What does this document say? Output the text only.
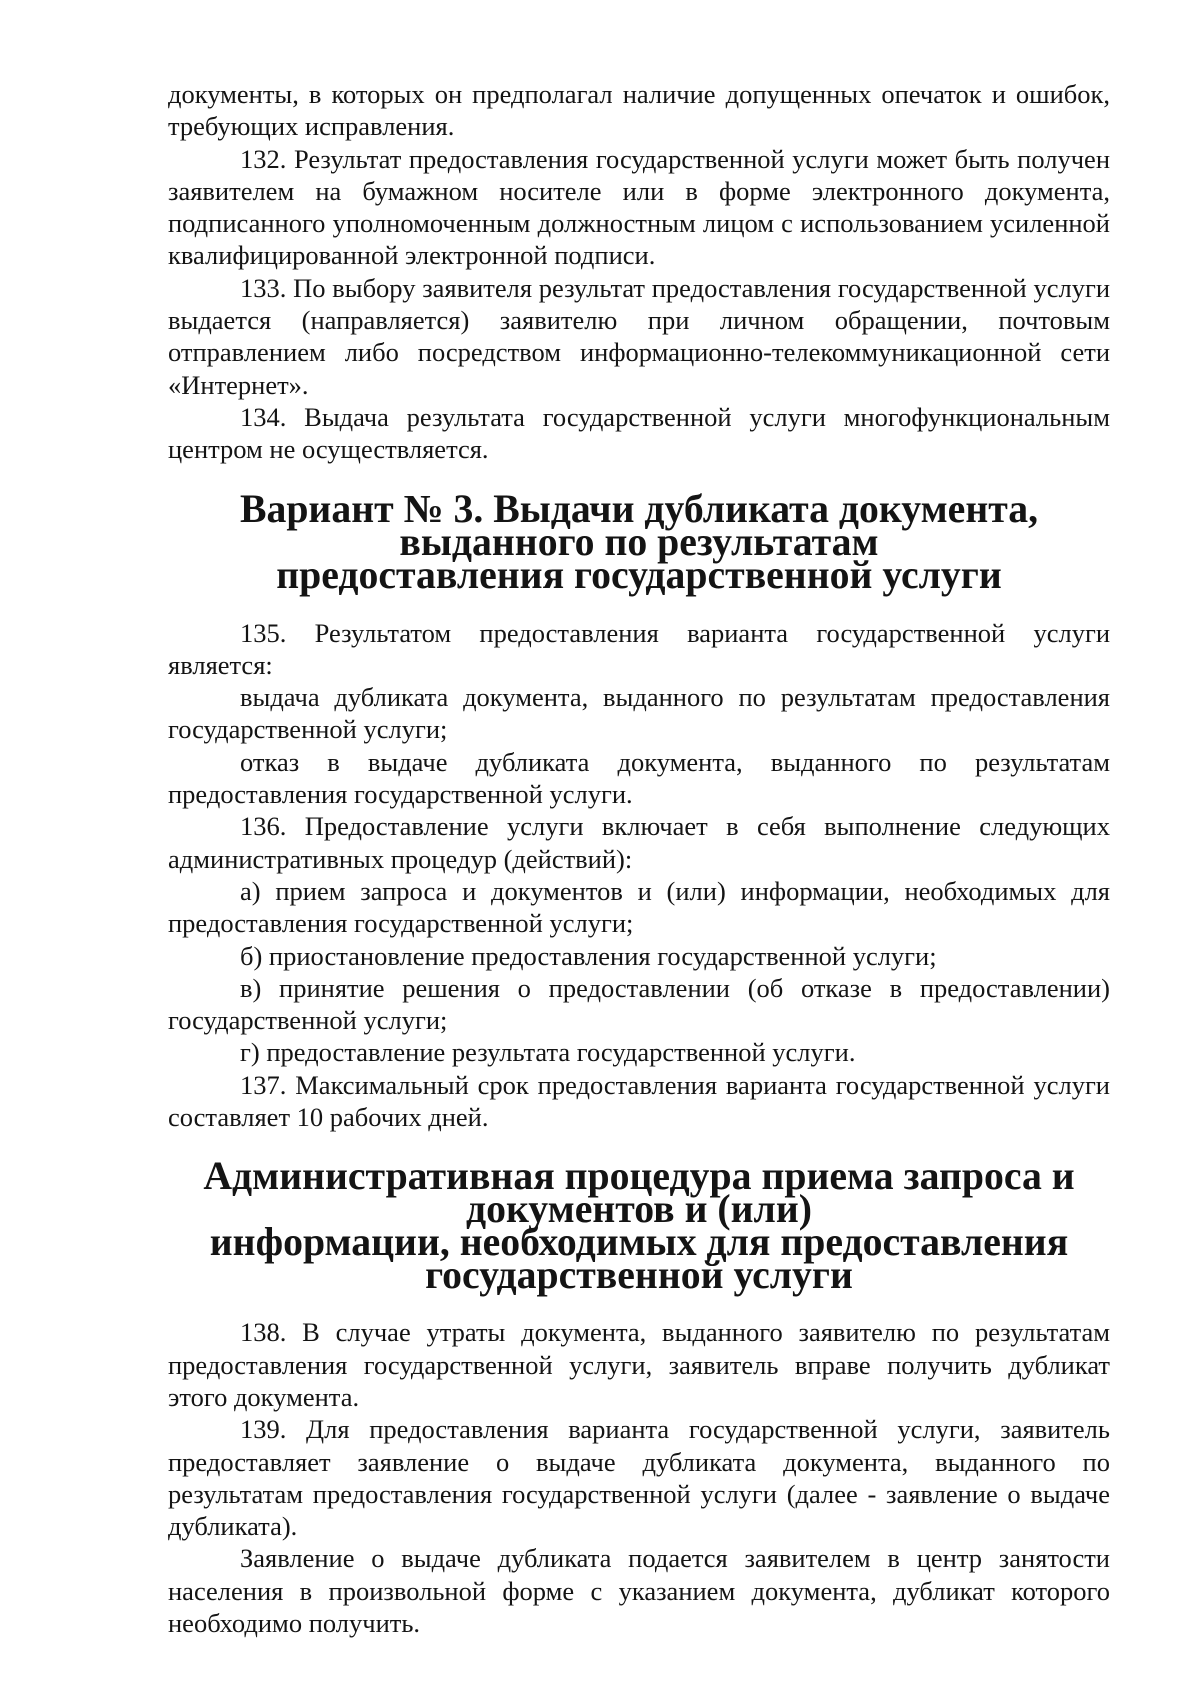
документы, в которых он предполагал наличие допущенных опечаток и ошибок, требующих исправления.

132. Результат предоставления государственной услуги может быть получен заявителем на бумажном носителе или в форме электронного документа, подписанного уполномоченным должностным лицом с использованием усиленной квалифицированной электронной подписи.

133. По выбору заявителя результат предоставления государственной услуги выдается (направляется) заявителю при личном обращении, почтовым отправлением либо посредством информационно-телекоммуникационной сети «Интернет».

134. Выдача результата государственной услуги многофункциональным центром не осуществляется.

Вариант № 3. Выдачи дубликата документа, выданного по результатам
предоставления государственной услуги

135. Результатом предоставления варианта государственной услуги является:

выдача дубликата документа, выданного по результатам предоставления государственной услуги;

отказ в выдаче дубликата документа, выданного по результатам предоставления государственной услуги.

136. Предоставление услуги включает в себя выполнение следующих административных процедур (действий):

а) прием запроса и документов и (или) информации, необходимых для предоставления государственной услуги;

б) приостановление предоставления государственной услуги;

в) принятие решения о предоставлении (об отказе в предоставлении) государственной услуги;

г) предоставление результата государственной услуги.

137. Максимальный срок предоставления варианта государственной услуги составляет 10 рабочих дней.

Административная процедура приема запроса и документов и (или)
информации, необходимых для предоставления государственной услуги

138. В случае утраты документа, выданного заявителю по результатам предоставления государственной услуги, заявитель вправе получить дубликат этого документа.

139. Для предоставления варианта государственной услуги, заявитель предоставляет заявление о выдаче дубликата документа, выданного по результатам предоставления государственной услуги (далее - заявление о выдаче дубликата).

Заявление о выдаче дубликата подается заявителем в центр занятости населения в произвольной форме с указанием документа, дубликат которого необходимо получить.
